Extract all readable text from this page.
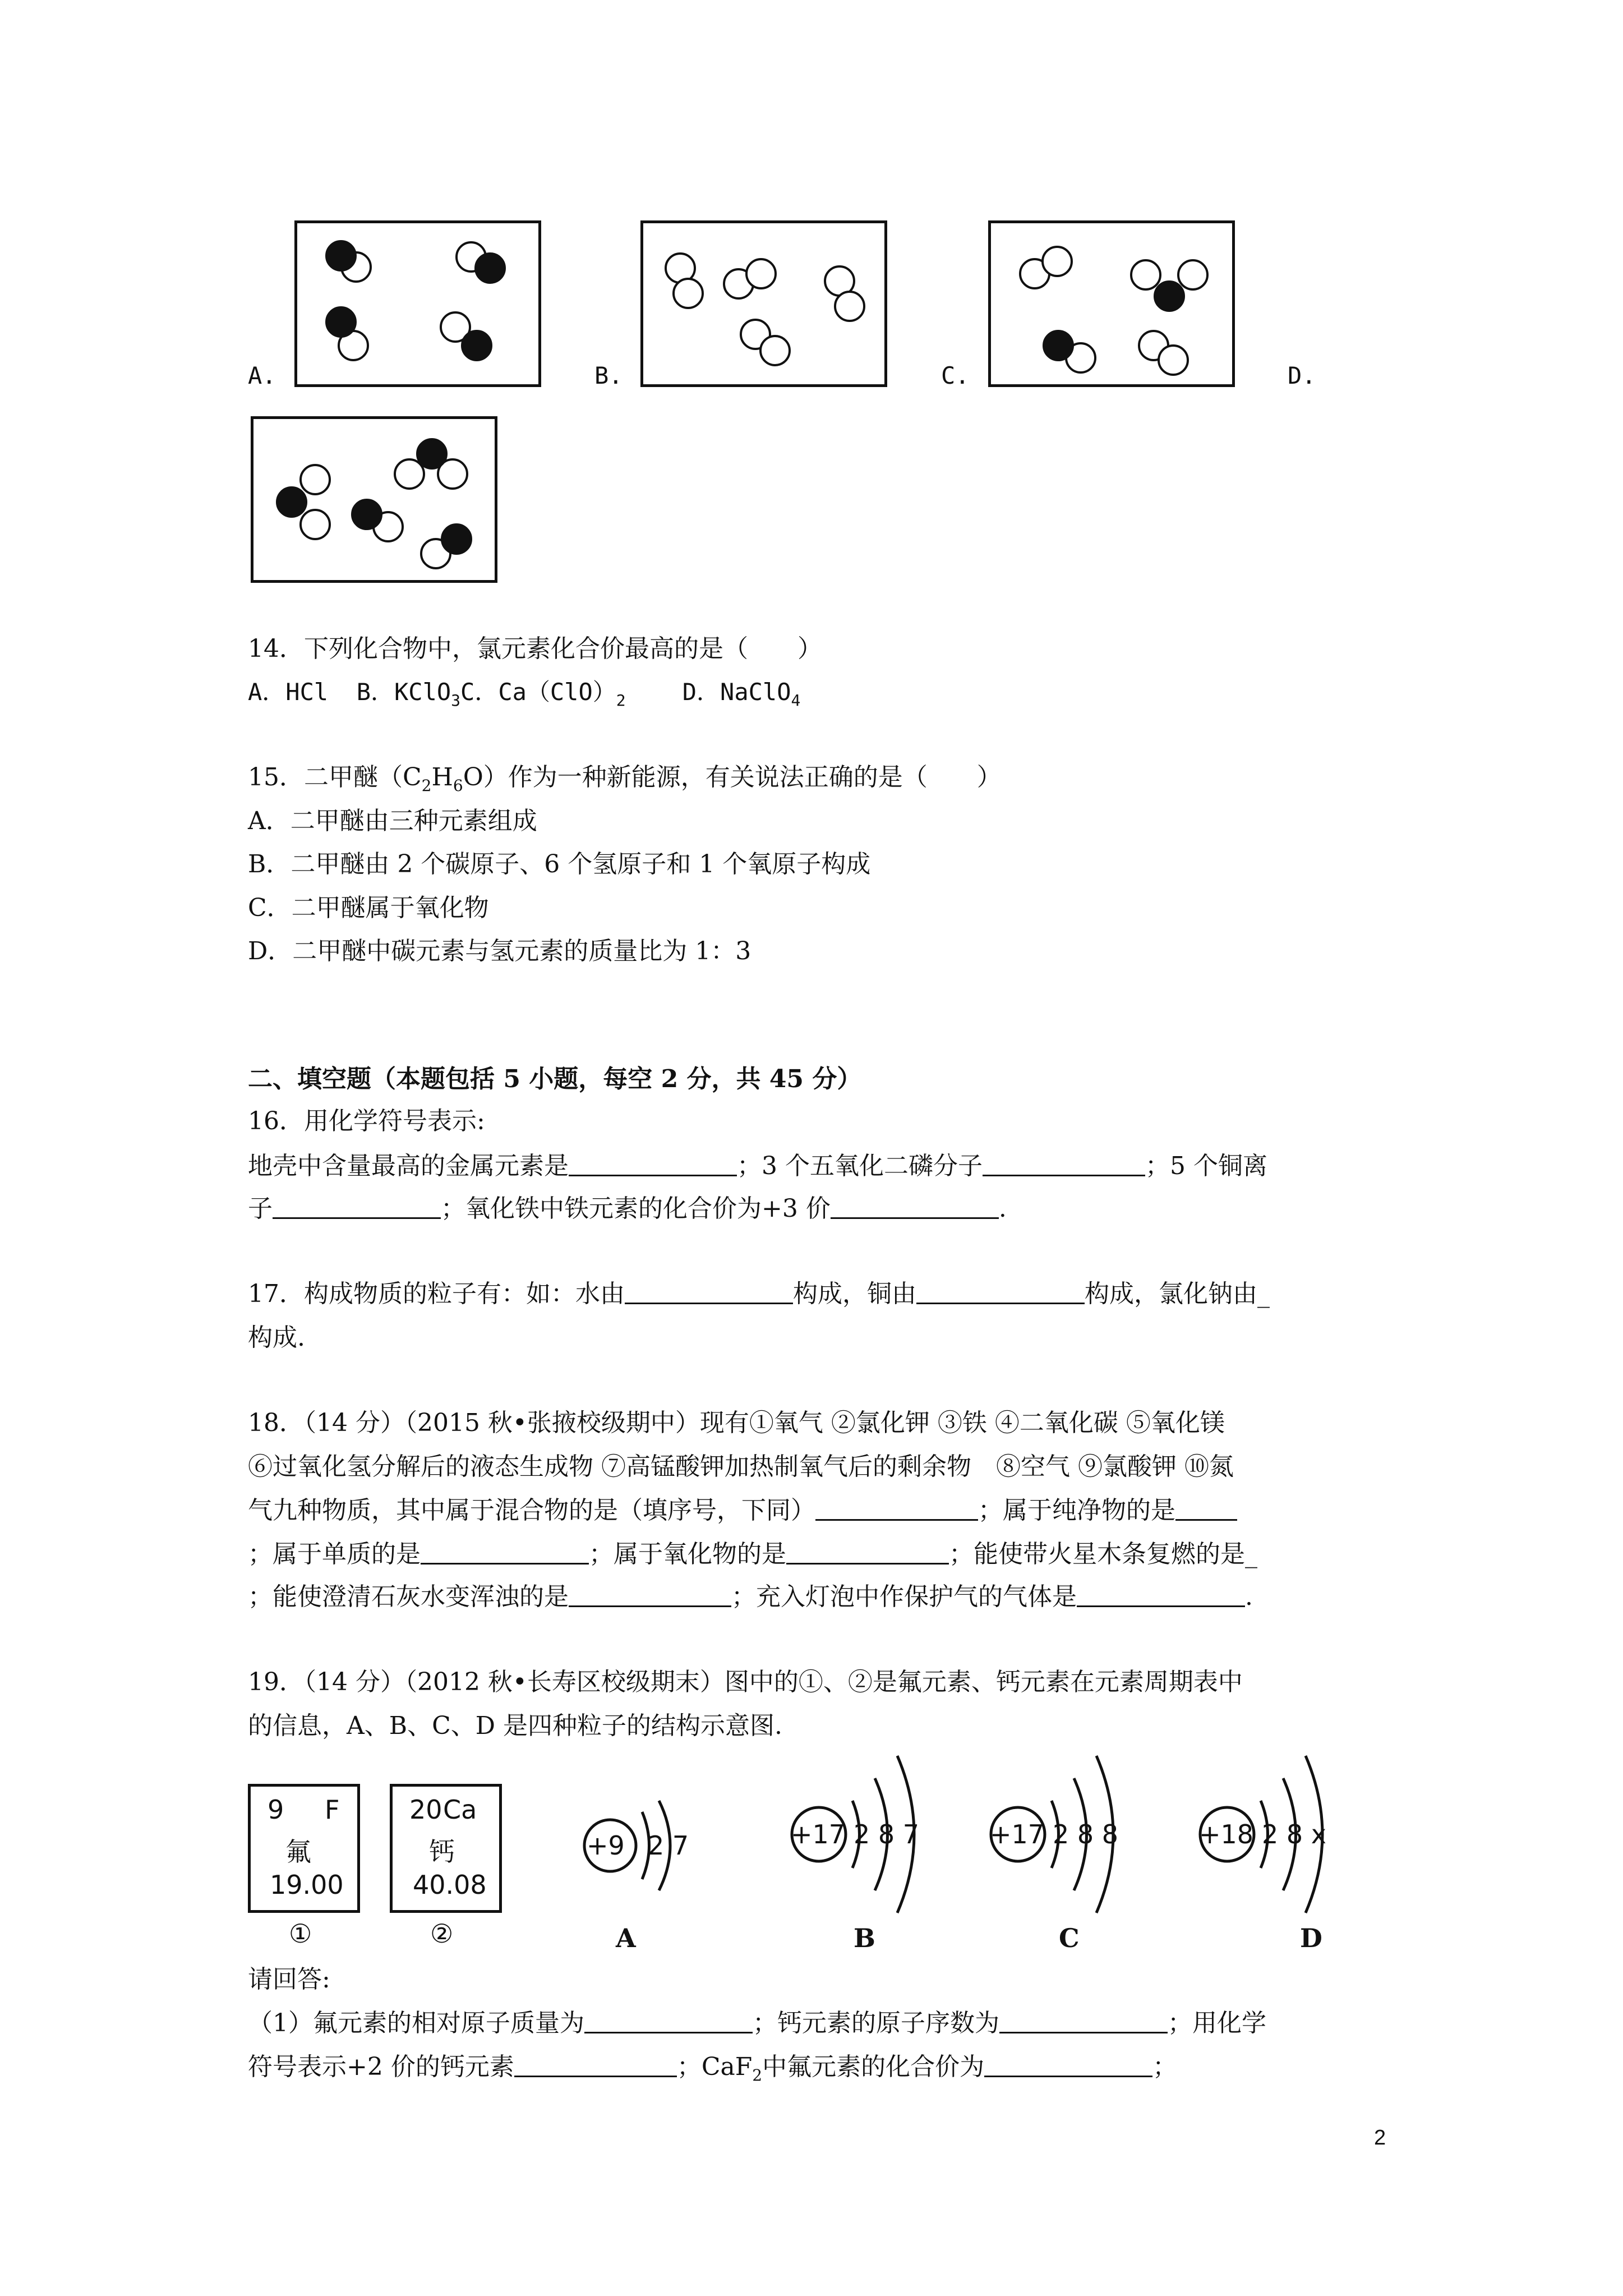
A.	B.	C.	D.
14．下列化合物中，氯元素化合价最高的是（　　）
A．HCl B．KClO$_3$C．$Ca(ClO)_2$ D．NaClO$_4$
15．二甲醚$(C_2H_6O)$作为一种新能源，有关说法正确的是（　　）
A．二甲醚由三种元素组成
B．二甲醚由 2 个碳原子、6 个氢原子和 1 个氧原子构成
C．二甲醚属于氧化物
D．二甲醚中碳元素与氢元素的质量比为 1：3
二、填空题（本题包括 5 小题，每空 2 分，共 45 分）
16．用化学符号表示:
地壳中含量最高的金属元素是	；3 个五氧化二磷分子	；5 个铜离
子	；氧化铁中铁元素的化合价为+3 价	.
17．构成物质的粒子有：如：水由	构成，铜由	构成，氯化钠由_
构成.
18．（14 分）（2015 秋•张掖校级期中）现有①氧气 ②氯化钾 ③铁 ④二氧化碳 ⑤氧化镁
⑥过氧化氢分解后的液态生成物 ⑦高锰酸钾加热制氧气后的剩余物　⑧空气 ⑨氯酸钾 ⑩氮
气九种物质，其中属于混合物的是（填序号，下同）	；属于纯净物的是
；属于单质的是	；属于氧化物的是	；能使带火星木条复燃的是_
；能使澄清石灰水变浑浊的是	；充入灯泡中作保护气的气体是	.
19．（14 分）（2012 秋•长寿区校级期末）图中的①、②是氟元素、钙元素在元素周期表中
的信息，A、B、C、D 是四种粒子的结构示意图.
9 F
氟
19.00
①
20 Ca
钙
40.08
②
+9 2 7
A
+17 2 8 7
B
+17 2 8 8
C
+18 2 8 x
D
请回答:
（1）氟元素的相对原子质量为	；钙元素的原子序数为	；用化学
符号表示+2 价的钙元素	；CaF$_2$中氟元素的化合价为	；
2
